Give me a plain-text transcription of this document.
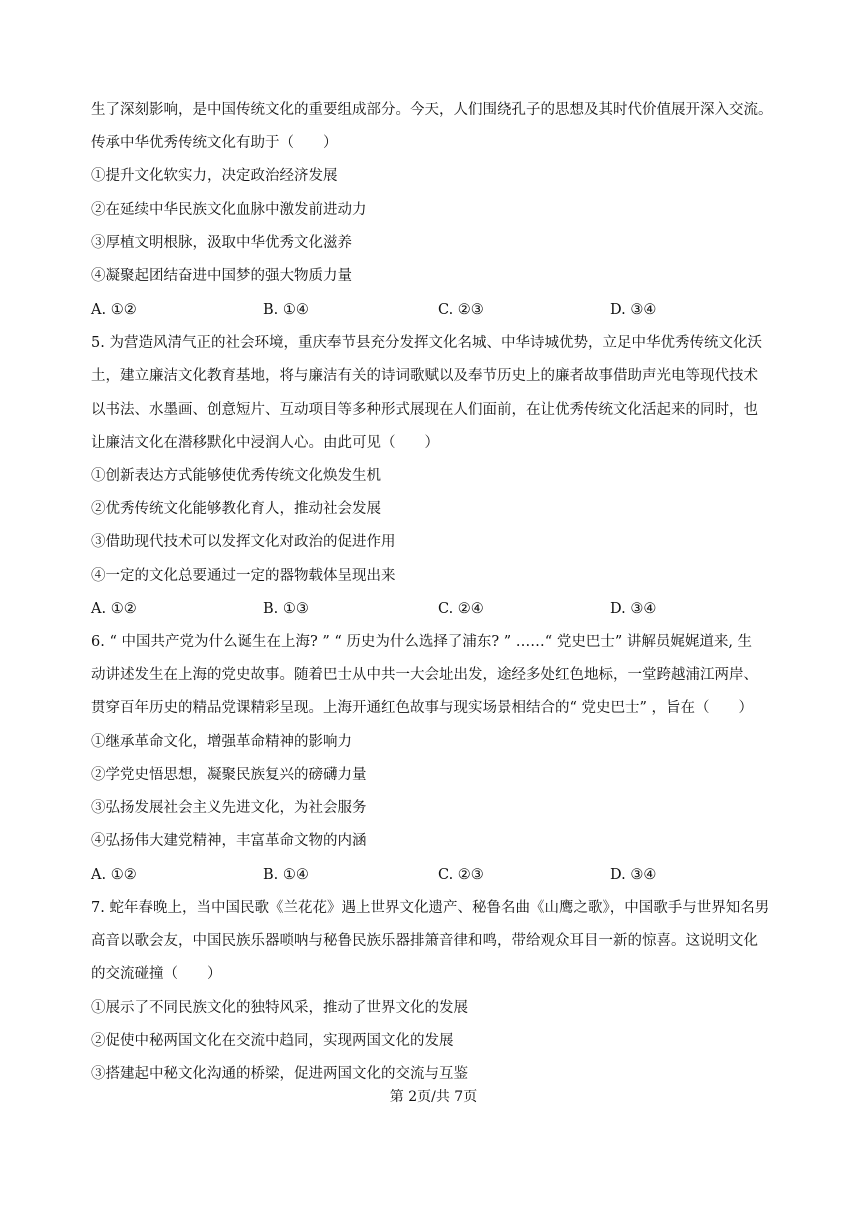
生了深刻影响，是中国传统文化的重要组成部分。今天，人们围绕孔子的思想及其时代价值展开深入交流。
传承中华优秀传统文化有助于（　　）
①提升文化软实力，决定政治经济发展
②在延续中华民族文化血脉中激发前进动力
③厚植文明根脉，汲取中华优秀文化滋养
④凝聚起团结奋进中国梦的强大物质力量
A. ①②	B. ①④	C. ②③	D. ③④
5. 为营造风清气正的社会环境，重庆奉节县充分发挥文化名城、中华诗城优势，立足中华优秀传统文化沃
土，建立廉洁文化教育基地，将与廉洁有关的诗词歌赋以及奉节历史上的廉者故事借助声光电等现代技术
以书法、水墨画、创意短片、互动项目等多种形式展现在人们面前，在让优秀传统文化活起来的同时，也
让廉洁文化在潜移默化中浸润人心。由此可见（　　）
①创新表达方式能够使优秀传统文化焕发生机
②优秀传统文化能够教化育人，推动社会发展
③借助现代技术可以发挥文化对政治的促进作用
④一定的文化总要通过一定的器物载体呈现出来
A. ①②	B. ①③	C. ②④	D. ③④
6. “ 中国共产党为什么诞生在上海? ” “ 历史为什么选择了浦东? ” ……“ 党史巴士” 讲解员娓娓道来, 生
动讲述发生在上海的党史故事。随着巴士从中共一大会址出发，途经多处红色地标，一堂跨越浦江两岸、
贯穿百年历史的精品党课精彩呈现。上海开通红色故事与现实场景相结合的“ 党史巴士” ，旨在（　　）
①继承革命文化，增强革命精神的影响力
②学党史悟思想，凝聚民族复兴的磅礴力量
③弘扬发展社会主义先进文化，为社会服务
④弘扬伟大建党精神，丰富革命文物的内涵
A. ①②	B. ①④	C. ②③	D. ③④
7. 蛇年春晚上，当中国民歌《兰花花》遇上世界文化遗产、秘鲁名曲《山鹰之歌》，中国歌手与世界知名男
高音以歌会友，中国民族乐器唢呐与秘鲁民族乐器排箫音律和鸣，带给观众耳目一新的惊喜。这说明文化
的交流碰撞（　　）
①展示了不同民族文化的独特风采，推动了世界文化的发展
②促使中秘两国文化在交流中趋同，实现两国文化的发展
③搭建起中秘文化沟通的桥梁，促进两国文化的交流与互鉴
第 2页/共 7页
